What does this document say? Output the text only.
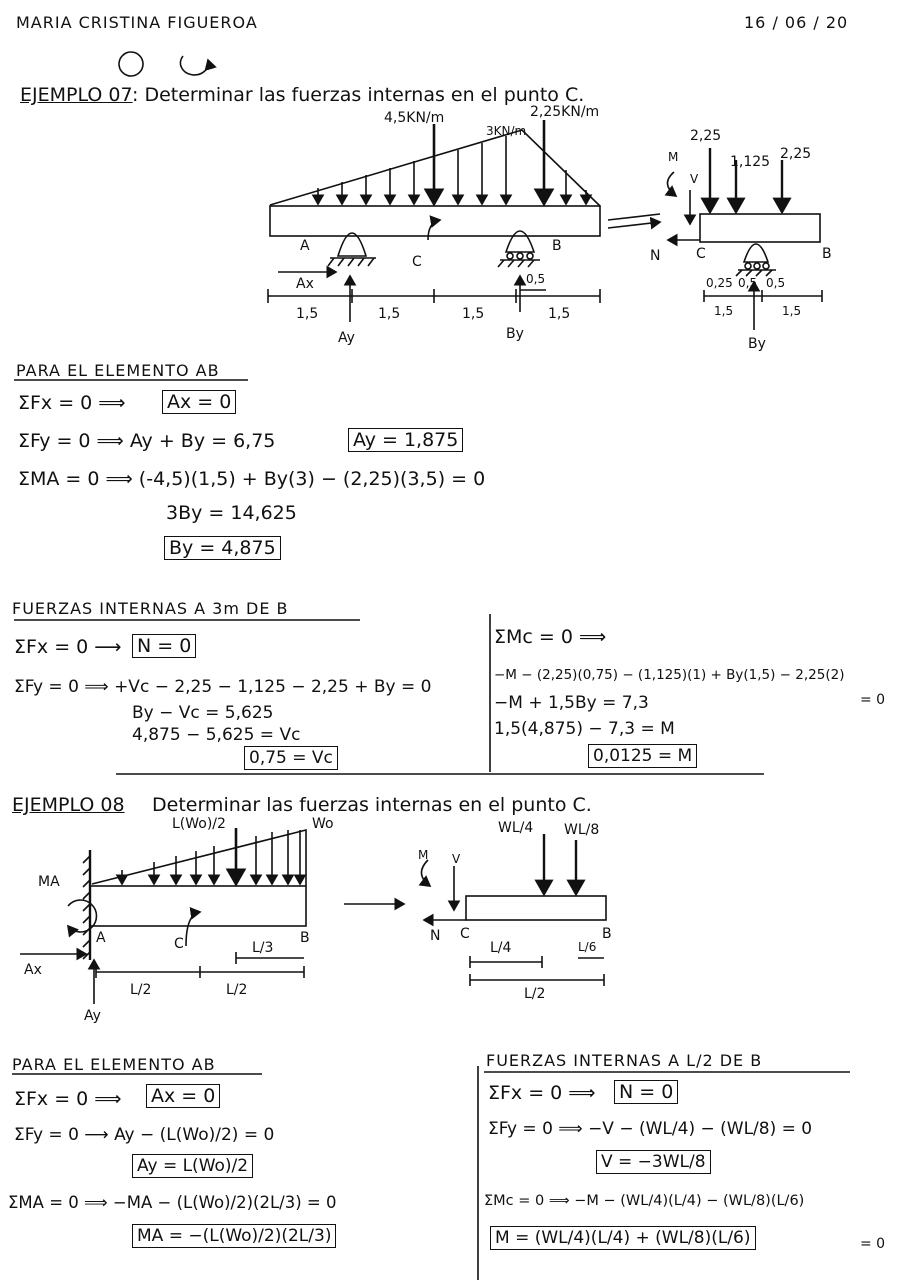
MARIA CRISTINA FIGUEROA	16 / 06 / 20
EJEMPLO 07 : Determinar las fuerzas internas en el punto C.
4,5KN/m
3KN/m
2,25KN/m
A
C
B
Ax
Ay	By
0,5
1,5	1,5	1,5	1,5
2,25
1,125 2,25
M
V
N	C	B
0,25 0,5 0,5
1,5	1,5
By
PARA EL ELEMENTO AB
ΣFx = 0 ⟹ Ax = 0
ΣFy = 0 ⟹ Ay + By = 6,75	Ay = 1,875
ΣMA = 0 ⟹ (-4,5)(1,5) + By(3) − (2,25)(3,5) = 0
3By = 14,625
By = 4,875
FUERZAS INTERNAS A 3m DE B
ΣFx = 0 ⟶ N = 0
ΣFy = 0 ⟹ +Vc − 2,25 − 1,125 − 2,25 + By = 0
By − Vc = 5,625
4,875 − 5,625 = Vc
0,75 = Vc
ΣMc = 0 ⟹
−M − (2,25)(0,75) − (1,125)(1) + By(1,5) − 2,25(2)
= 0
−M + 1,5By = 7,3
1,5(4,875) − 7,3 = M
0,0125 = M
EJEMPLO 08 Determinar las fuerzas internas en el punto C.
L(Wo)/2	Wo
MA
A	C	B
Ax
Ay
L/3
L/2	L/2
WL/4 WL/8
M V
N C	B
L/4	L/6
L/2
PARA EL ELEMENTO AB
ΣFx = 0 ⟹ Ax = 0
ΣFy = 0 ⟶ Ay − (L(Wo)/2) = 0
Ay = L(Wo)/2
ΣMA = 0 ⟹ −MA − (L(Wo)/2)(2L/3) = 0
MA = −(L(Wo)/2)(2L/3)
FUERZAS INTERNAS A L/2 DE B
ΣFx = 0 ⟹ N = 0
ΣFy = 0 ⟹ −V − (WL/4) − (WL/8) = 0
V = −3WL/8
ΣMc = 0 ⟹ −M − (WL/4)(L/4) − (WL/8)(L/6)
M = (WL/4)(L/4) + (WL/8)(L/6)	= 0
